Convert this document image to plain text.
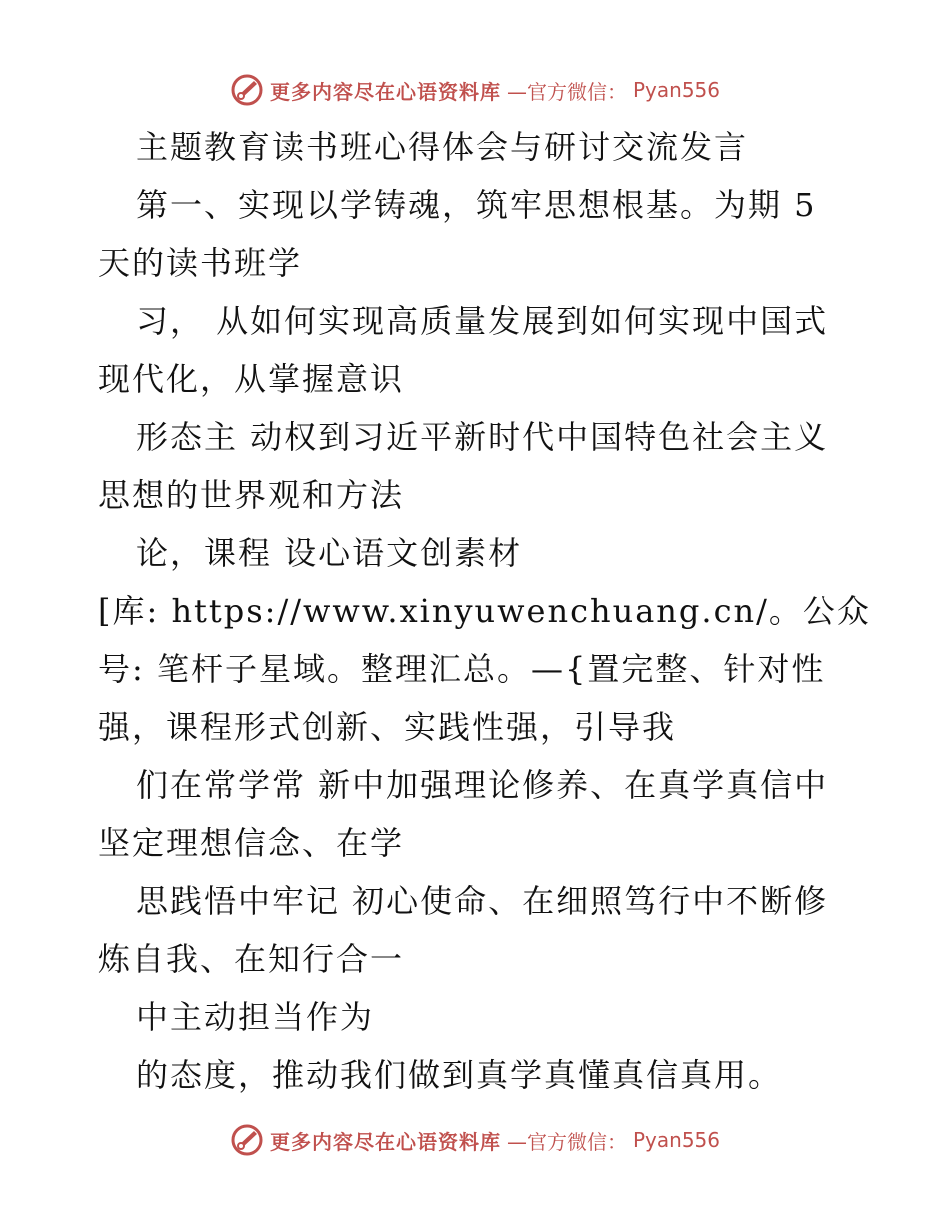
更多内容尽在心语资料库 —官方微信： Pyan556
主题教育读书班心得体会与研讨交流发言
第一、实现以学铸魂，筑牢思想根基。为期 5
天的读书班学
习， 从如何实现高质量发展到如何实现中国式
现代化，从掌握意识
形态主 动权到习近平新时代中国特色社会主义
思想的世界观和方法
论，课程 设心语文创素材
[库: https://www.xinyuwenchuang.cn/。公众
号: 笔杆子星域。整理汇总。—{置完整、针对性
强，课程形式创新、实践性强，引导我
们在常学常 新中加强理论修养、在真学真信中
坚定理想信念、在学
思践悟中牢记 初心使命、在细照笃行中不断修
炼自我、在知行合一
中主动担当作为
的态度，推动我们做到真学真懂真信真用。
更多内容尽在心语资料库 —官方微信： Pyan556
